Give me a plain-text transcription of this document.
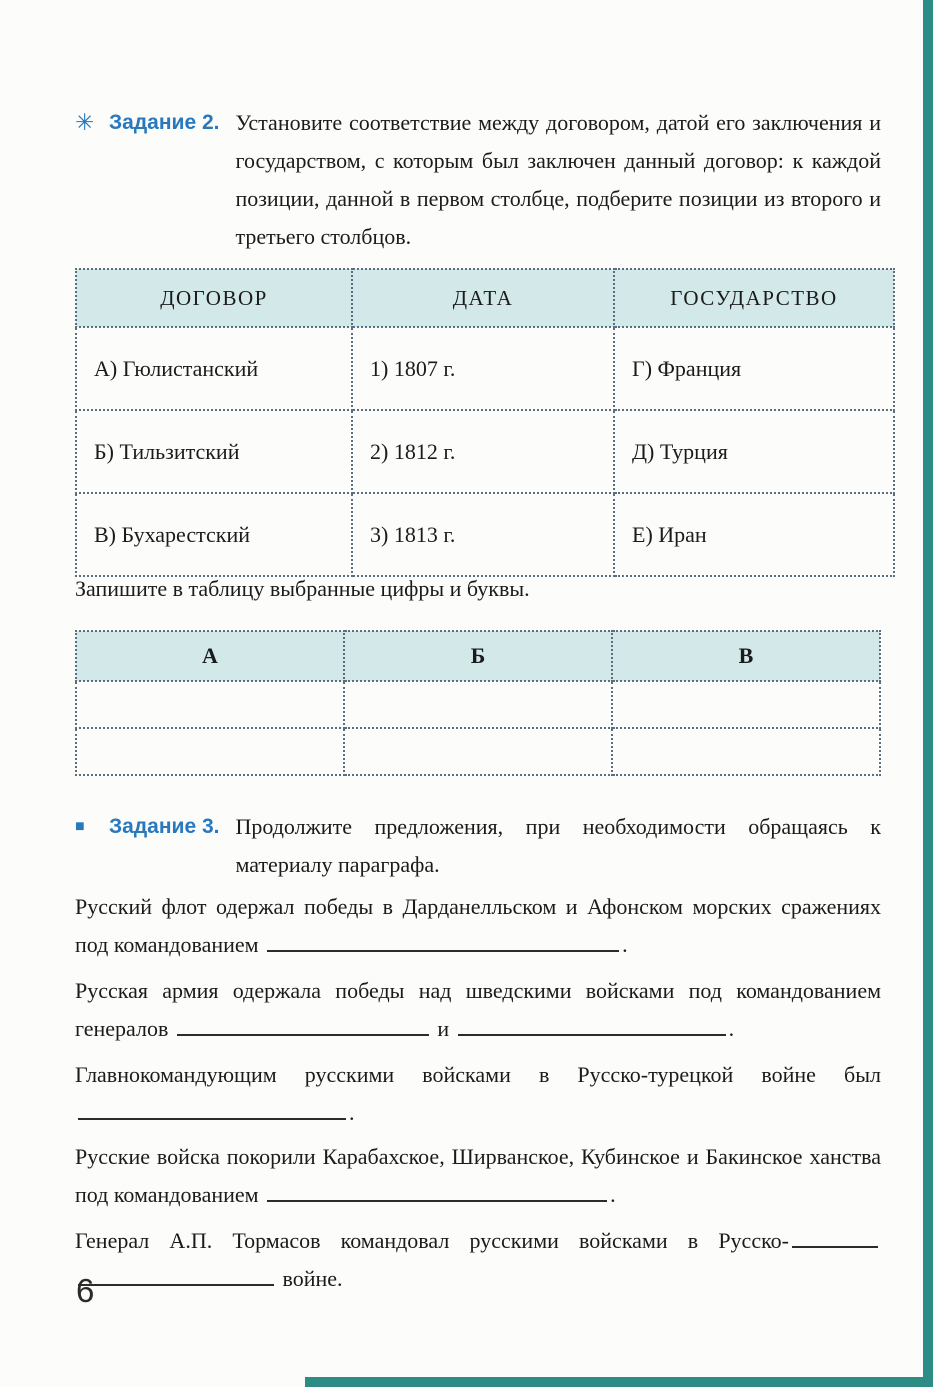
✳ Задание 2. Установите соответствие между договором, датой его заключения и государством, с которым был заключен данный договор: к каждой позиции, данной в первом столбце, подберите позиции из второго и третьего столбцов.
ДОГОВОР	ДАТА	ГОСУДАРСТВО
А) Гюлистанский	1) 1807 г.	Г) Франция
Б) Тильзитский	2) 1812 г.	Д) Турция
В) Бухарестский	3) 1813 г.	Е) Иран

Запишите в таблицу выбранные цифры и буквы.

А	Б	В

■	Задание 3. Продолжите предложения, при необходимости обращаясь к материалу параграфа.

Русский флот одержал победы в Дарданелльском и Афонском морских сражениях под командованием	.

Русская армия одержала победы над шведскими войсками под командованием генералов	и	.

Главнокомандующим русскими войсками в Русско-турецкой войне был .

Русские войска покорили Карабахское, Ширванское, Кубинское и Бакинское ханства под командованием	.

Генерал А.П. Тормасов командовал русскими войсками в Русско-  войне.

6
